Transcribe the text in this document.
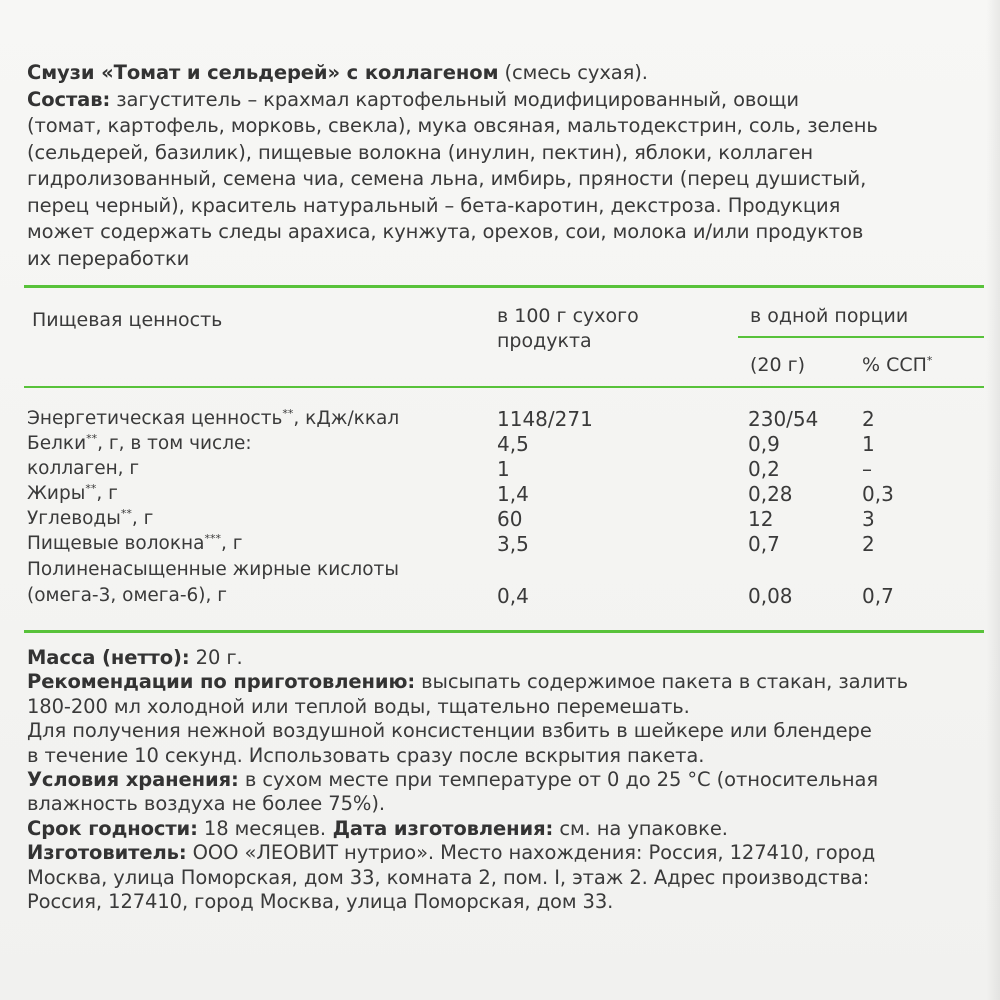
Смузи «Томат и сельдерей» с коллагеном (смесь сухая).

Состав: загуститель – крахмал картофельный модифицированный, овощи

(томат, картофель, морковь, свекла), мука овсяная, мальтодекстрин, соль, зелень

(сельдерей, базилик), пищевые волокна (инулин, пектин), яблоки, коллаген

гидролизованный, семена чиа, семена льна, имбирь, пряности (перец душистый,

перец черный), краситель натуральный – бета-каротин, декстроза. Продукция

может содержать следы арахиса, кунжута, орехов, сои, молока и/или продуктов

их переработки

Пищевая ценность	в 100 г сухого
продукта
в одной порции
(20 г)	% ССП*
Энергетическая ценность**, кДж/ккал	1148/271	230/54 2
Белки**, г, в том числе:	4,5	0,9	1
коллаген, г	1	0,2	–
Жиры**, г	1,4	0,28	0,3
Углеводы**, г	60	12	3
Пищевые волокна***, г	3,5	0,7	2
Полиненасыщенные жирные кислоты
(омега-3, омега-6), г	0,4	0,08	0,7

Масса (нетто): 20 г.

Рекомендации по приготовлению: высыпать содержимое пакета в стакан, залить

180-200 мл холодной или теплой воды, тщательно перемешать.

Для получения нежной воздушной консистенции взбить в шейкере или блендере

в течение 10 секунд. Использовать сразу после вскрытия пакета.

Условия хранения: в сухом месте при температуре от 0 до 25 °С (относительная

влажность воздуха не более 75%).

Срок годности: 18 месяцев. Дата изготовления: см. на упаковке.

Изготовитель: ООО «ЛЕОВИТ нутрио». Место нахождения: Россия, 127410, город

Москва, улица Поморская, дом 33, комната 2, пом. I, этаж 2. Адрес производства:

Россия, 127410, город Москва, улица Поморская, дом 33.
